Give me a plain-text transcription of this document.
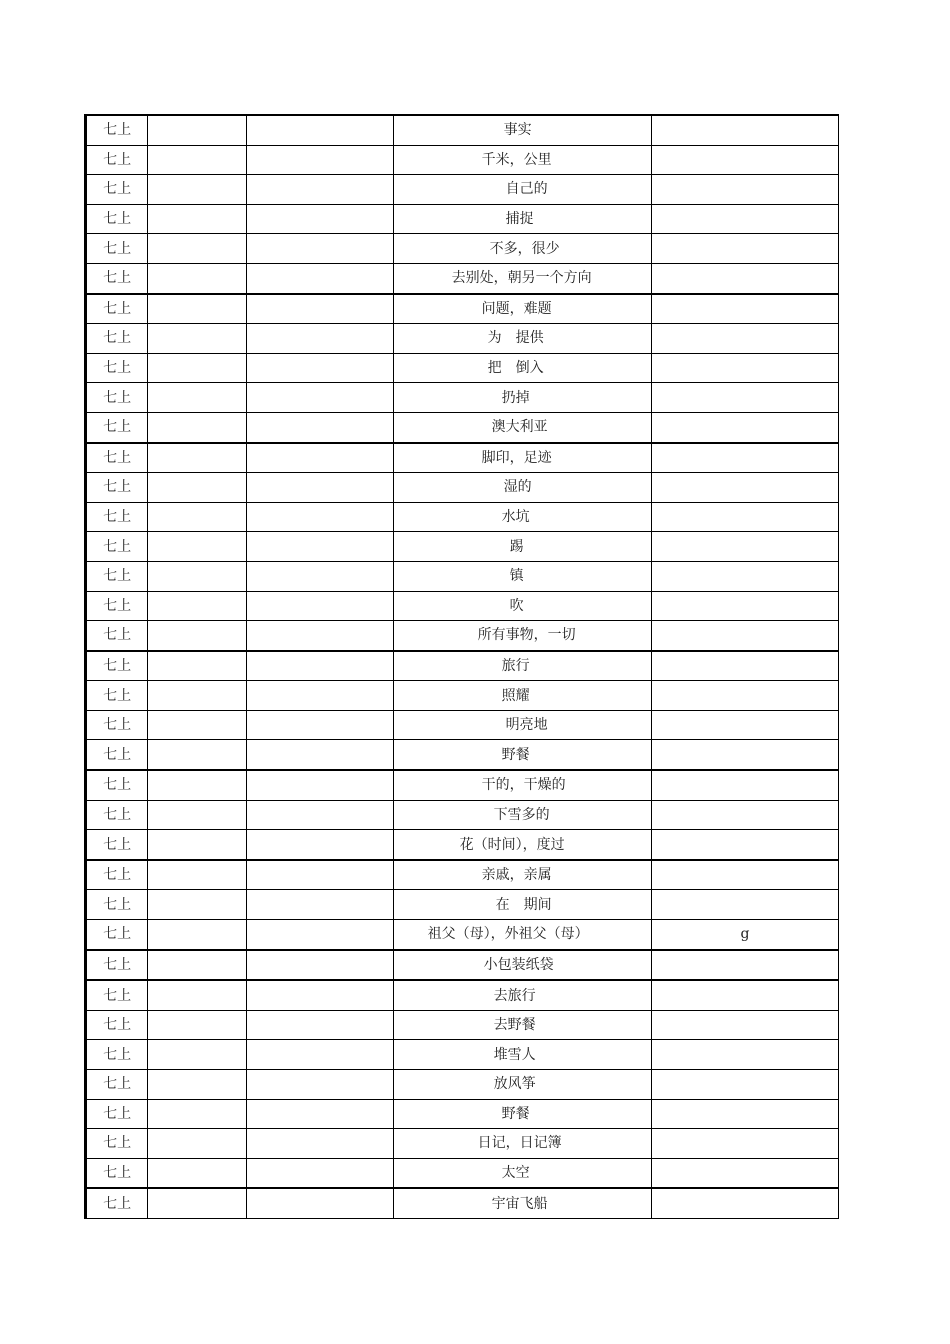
七上			事实	
七上			千米，公里	
七上			自己的	
七上			捕捉	
七上			不多，很少	
七上			去别处，朝另一个方向	
七上			问题，难题	
七上			为　提供	
七上			把　倒入	
七上			扔掉	
七上			澳大利亚	
七上			脚印，足迹	
七上			湿的	
七上			水坑	
七上			踢	
七上			镇	
七上			吹	
七上			所有事物，一切	
七上			旅行	
七上			照耀	
七上			明亮地	
七上			野餐	
七上			干的，干燥的	
七上			下雪多的	
七上			花（时间），度过	
七上			亲戚，亲属	
七上			在　期间	
七上			祖父（母），外祖父（母）	g
七上			小包装纸袋	
七上			去旅行	
七上			去野餐	
七上			堆雪人	
七上			放风筝	
七上			野餐	
七上			日记，日记簿	
七上			太空	
七上			宇宙飞船	
